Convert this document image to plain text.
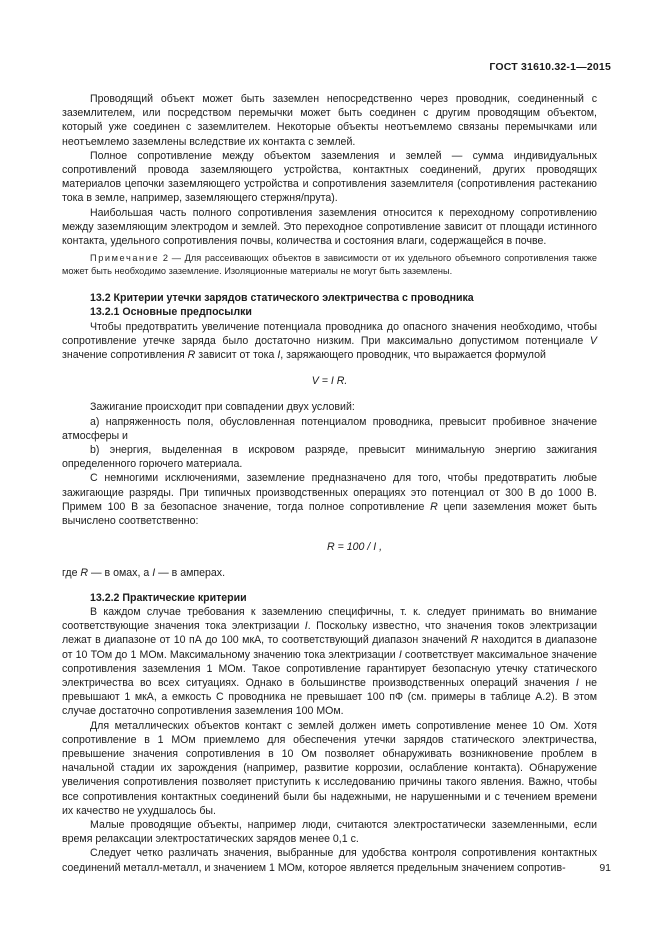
ГОСТ 31610.32-1—2015

Проводящий объект может быть заземлен непосредственно через проводник, соединенный с заземлителем, или посредством перемычки может быть соединен с другим проводящим объектом, который уже соединен с заземлителем. Некоторые объекты неотъемлемо связаны перемычками или неотъемлемо заземлены вследствие их контакта с землей.

Полное сопротивление между объектом заземления и землей — сумма индивидуальных сопротивлений провода заземляющего устройства, контактных соединений, других проводящих материалов цепочки заземляющего устройства и сопротивления заземлителя (сопротивления растеканию тока в земле, например, заземляющего стержня/прута).

Наибольшая часть полного сопротивления заземления относится к переходному сопротивлению между заземляющим электродом и землей. Это переходное сопротивление зависит от площади истинного контакта, удельного сопротивления почвы, количества и состояния влаги, содержащейся в почве.

Примечание 2 — Для рассеивающих объектов в зависимости от их удельного объемного сопротивления также может быть необходимо заземление. Изоляционные материалы не могут быть заземлены.

13.2 Критерии утечки зарядов статического электричества с проводника

13.2.1 Основные предпосылки

Чтобы предотвратить увеличение потенциала проводника до опасного значения необходимо, чтобы сопротивление утечке заряда было достаточно низким. При максимально допустимом потенциале V значение сопротивления R зависит от тока I, заряжающего проводник, что выражается формулой

V = I R.

Зажигание происходит при совпадении двух условий:

a) напряженность поля, обусловленная потенциалом проводника, превысит пробивное значение атмосферы и

b) энергия, выделенная в искровом разряде, превысит минимальную энергию зажигания определенного горючего материала.

С немногими исключениями, заземление предназначено для того, чтобы предотвратить любые зажигающие разряды. При типичных производственных операциях это потенциал от 300 В до 1000 В. Примем 100 В за безопасное значение, тогда полное сопротивление R цепи заземления может быть вычислено соответственно:

R = 100 / I ,

где R — в омах, а I — в амперах.

13.2.2 Практические критерии

В каждом случае требования к заземлению специфичны, т. к. следует принимать во внимание соответствующие значения тока электризации I. Поскольку известно, что значения токов электризации лежат в диапазоне от 10 пА до 100 мкА, то соответствующий диапазон значений R находится в диапазоне от 10 ТОм до 1 МОм. Максимальному значению тока электризации I соответствует максимальное значение сопротивления заземления 1 МОм. Такое сопротивление гарантирует безопасную утечку статического электричества во всех ситуациях. Однако в большинстве производственных операций значения I не превышают 1 мкА, а емкость С проводника не превышает 100 пФ (см. примеры в таблице А.2). В этом случае достаточно сопротивления заземления 100 МОм.

Для металлических объектов контакт с землей должен иметь сопротивление менее 10 Ом. Хотя сопротивление в 1 МОм приемлемо для обеспечения утечки зарядов статического электричества, превышение значения сопротивления в 10 Ом позволяет обнаруживать возникновение проблем в начальной стадии их зарождения (например, развитие коррозии, ослабление контакта). Обнаружение увеличения сопротивления позволяет приступить к исследованию причины такого явления. Важно, чтобы все сопротивления контактных соединений были бы надежными, не нарушенными и с течением времени их качество не ухудшалось бы.

Малые проводящие объекты, например люди, считаются электростатически заземленными, если время релаксации электростатических зарядов менее 0,1 с.

Следует четко различать значения, выбранные для удобства контроля сопротивления контактных соединений металл-металл, и значением 1 МОм, которое является предельным значением сопротив-	91
